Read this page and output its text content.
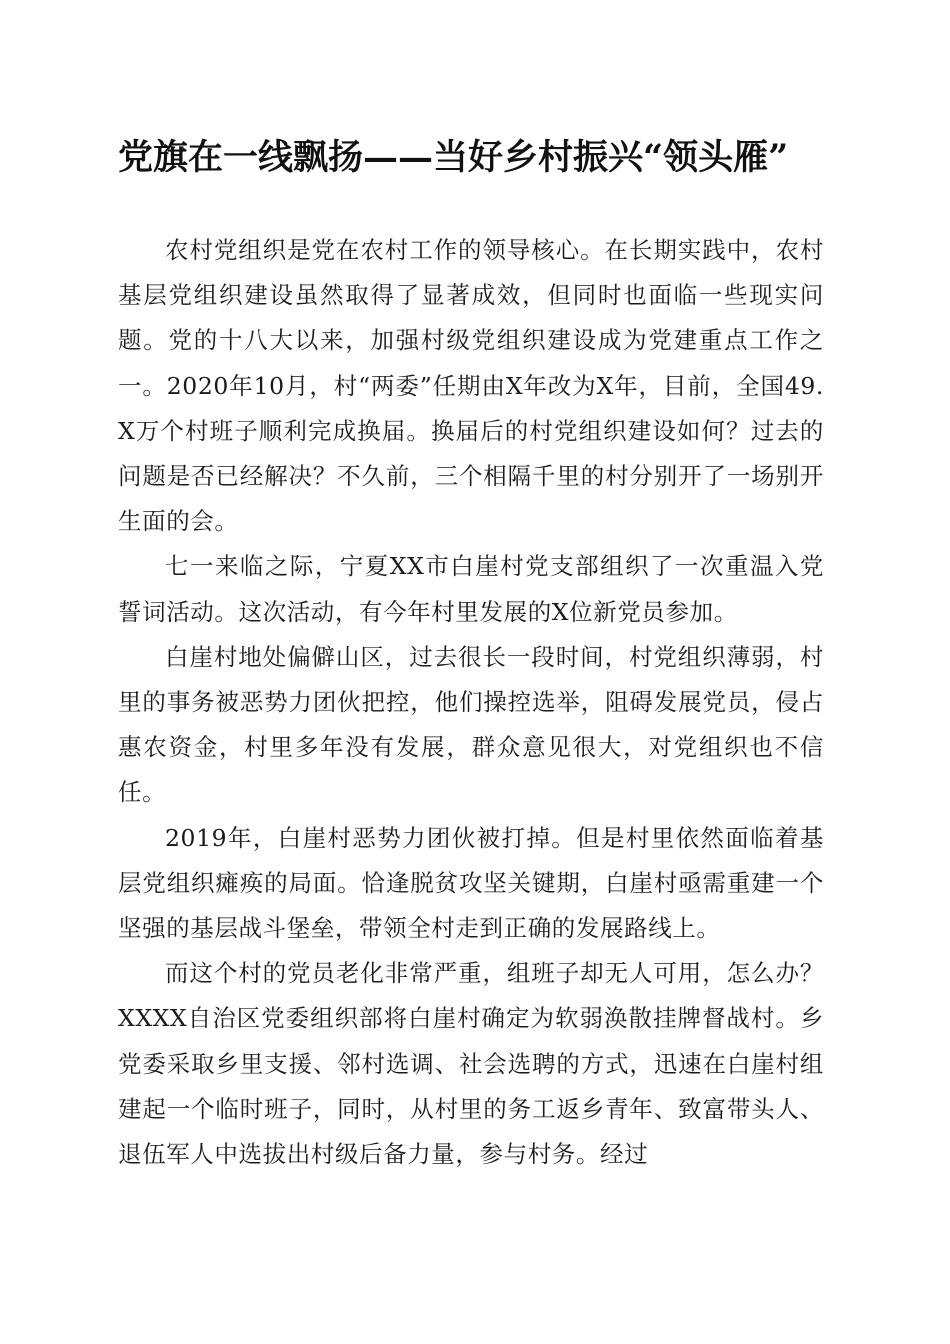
党旗在一线飘扬——当好乡村振兴“领头雁”

农村党组织是党在农村工作的领导核心。在长期实践中，农村基层党组织建设虽然取得了显著成效，但同时也面临一些现实问题。党的十八大以来，加强村级党组织建设成为党建重点工作之一。2020年10月，村“两委”任期由X年改为X年，目前，全国49.X万个村班子顺利完成换届。换届后的村党组织建设如何？过去的问题是否已经解决？不久前，三个相隔千里的村分别开了一场别开生面的会。

七一来临之际，宁夏XX市白崖村党支部组织了一次重温入党誓词活动。这次活动，有今年村里发展的X位新党员参加。

白崖村地处偏僻山区，过去很长一段时间，村党组织薄弱，村里的事务被恶势力团伙把控，他们操控选举，阻碍发展党员，侵占惠农资金，村里多年没有发展，群众意见很大，对党组织也不信任。

2019年，白崖村恶势力团伙被打掉。但是村里依然面临着基层党组织瘫痪的局面。恰逢脱贫攻坚关键期，白崖村亟需重建一个坚强的基层战斗堡垒，带领全村走到正确的发展路线上。

而这个村的党员老化非常严重，组班子却无人可用，怎么办？XXXX自治区党委组织部将白崖村确定为软弱涣散挂牌督战村。乡党委采取乡里支援、邻村选调、社会选聘的方式，迅速在白崖村组建起一个临时班子，同时，从村里的务工返乡青年、致富带头人、退伍军人中选拔出村级后备力量，参与村务。经过
